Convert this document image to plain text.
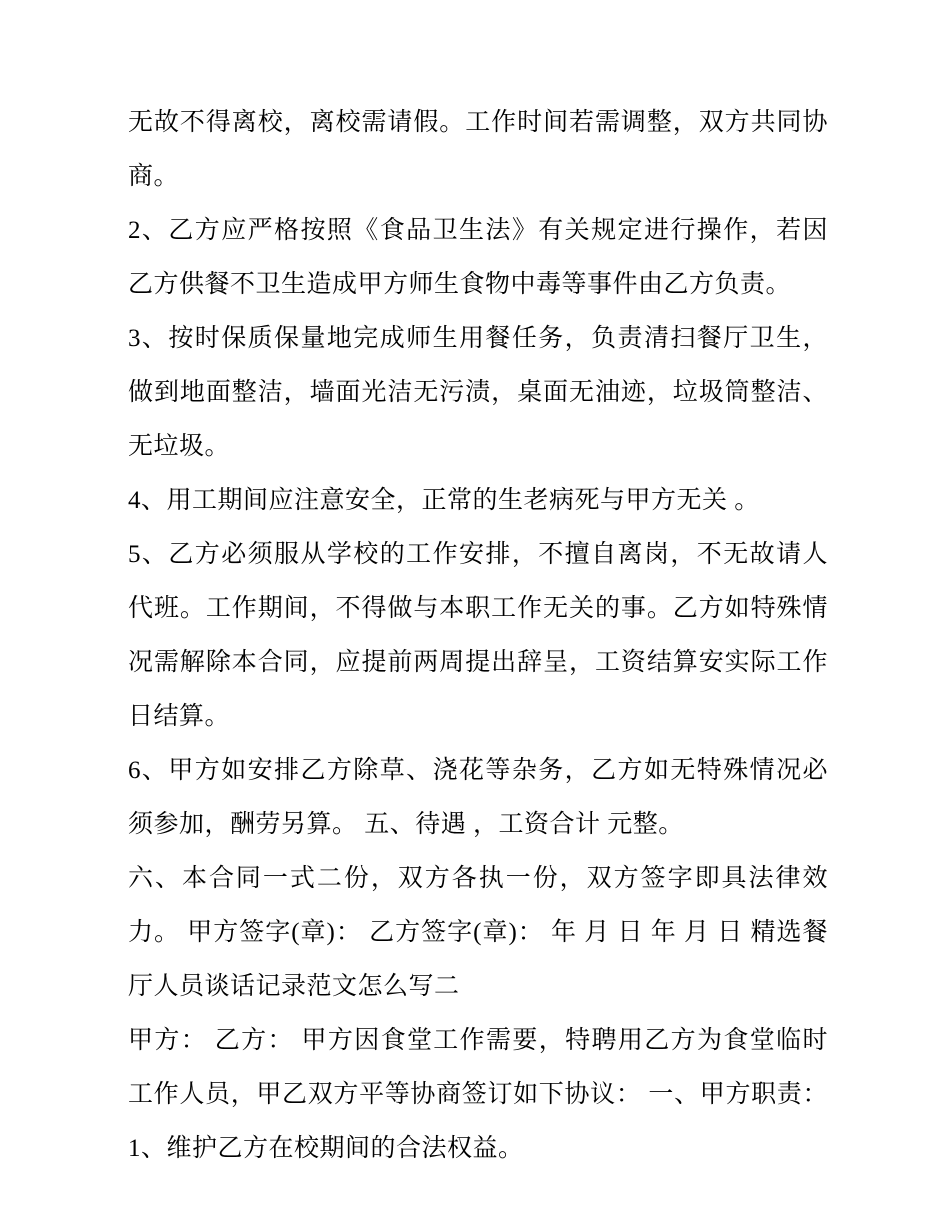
无故不得离校，离校需请假。工作时间若需调整，双方共同协商。

2、乙方应严格按照《食品卫生法》有关规定进行操作，若因乙方供餐不卫生造成甲方师生食物中毒等事件由乙方负责。

3、按时保质保量地完成师生用餐任务，负责清扫餐厅卫生，做到地面整洁，墙面光洁无污渍，桌面无油迹，垃圾筒整洁、无垃圾。

4、用工期间应注意安全，正常的生老病死与甲方无关 。

5、乙方必须服从学校的工作安排，不擅自离岗，不无故请人代班。工作期间，不得做与本职工作无关的事。乙方如特殊情况需解除本合同，应提前两周提出辞呈，工资结算安实际工作日结算。

6、甲方如安排乙方除草、浇花等杂务，乙方如无特殊情况必须参加，酬劳另算。 五、待遇 ，工资合计 元整。

六、本合同一式二份，双方各执一份，双方签字即具法律效力。 甲方签字(章)： 乙方签字(章)： 年 月 日 年 月 日 精选餐厅人员谈话记录范文怎么写二

甲方： 乙方： 甲方因食堂工作需要，特聘用乙方为食堂临时工作人员，甲乙双方平等协商签订如下协议： 一、甲方职责： 1、维护乙方在校期间的合法权益。
